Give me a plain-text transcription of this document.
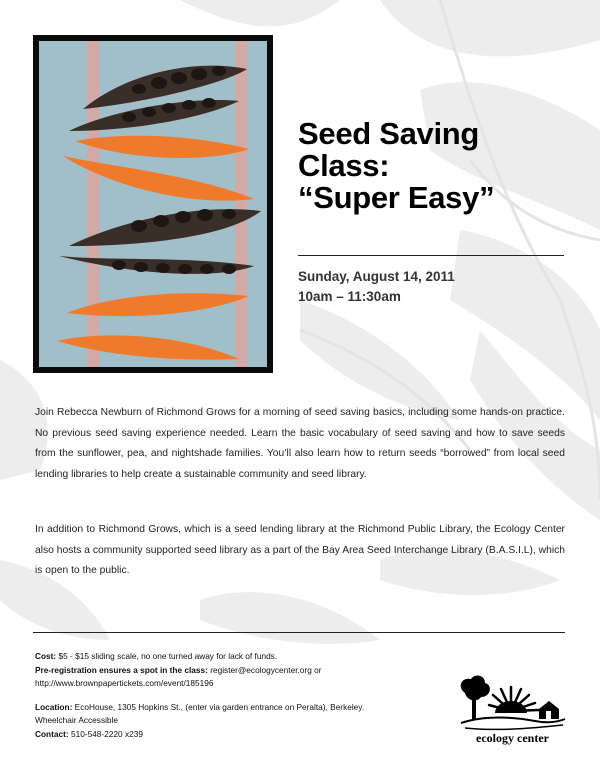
Seed Saving
Class:
“Super Easy”
Sunday, August 14, 2011
10am – 11:30am
Join Rebecca Newburn of Richmond Grows for a morning of seed saving basics, including some hands-on practice. No previous seed saving experience needed. Learn the basic vocabulary of seed saving and how to save seeds from the sunflower, pea, and nightshade families. You’ll also learn how to return seeds “borrowed” from local seed lending libraries to help create a sustainable community and seed library.
In addition to Richmond Grows, which is a seed lending library at the Richmond Public Library, the Ecology Center also hosts a community supported seed library as a part of the Bay Area Seed Interchange Library (B.A.S.I.L), which is open to the public.
Cost: $5 - $15 sliding scale, no one turned away for lack of funds.
Pre-registration ensures a spot in the class: register@ecologycenter.org or
http://www.brownpapertickets.com/event/185196
Location: EcoHouse, 1305 Hopkins St., (enter via garden entrance on Peralta), Berkeley.
Wheelchair Accessible
Contact: 510-548-2220 x239	ecology center
